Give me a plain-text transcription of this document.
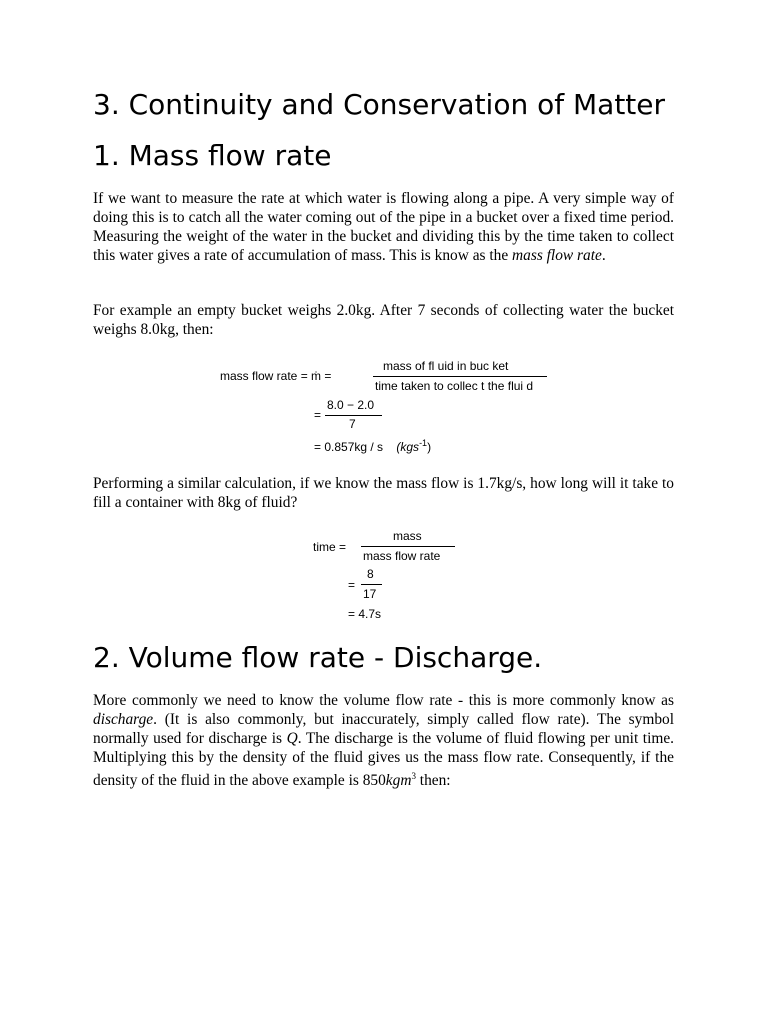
3. Continuity and Conservation of Matter
1. Mass flow rate

If we want to measure the rate at which water is flowing along a pipe. A very simple way of doing this is to catch all the water coming out of the pipe in a bucket over a fixed time period. Measuring the weight of the water in the bucket and dividing this by the time taken to collect this water gives a rate of accumulation of mass. This is know as the mass flow rate.

For example an empty bucket weighs 2.0kg. After 7 seconds of collecting water the bucket weighs 8.0kg, then:

mass flow rate = ṁ =
mass of fl uid in buc ket
time taken to collec t the flui d
=
8.0 − 2.0
7
= 0.857kg / s (kgs$^{-1}$)

Performing a similar calculation, if we know the mass flow is 1.7kg/s, how long will it take to fill a container with 8kg of fluid?

time =
mass
mass flow rate
=
8
17
= 4.7s
2. Volume flow rate - Discharge.

More commonly we need to know the volume flow rate - this is more commonly know as discharge. (It is also commonly, but inaccurately, simply called flow rate). The symbol normally used for discharge is Q. The discharge is the volume of fluid flowing per unit time. Multiplying this by the density of the fluid gives us the mass flow rate. Consequently, if the density of the fluid in the above example is 850kgm$^3$ then:
